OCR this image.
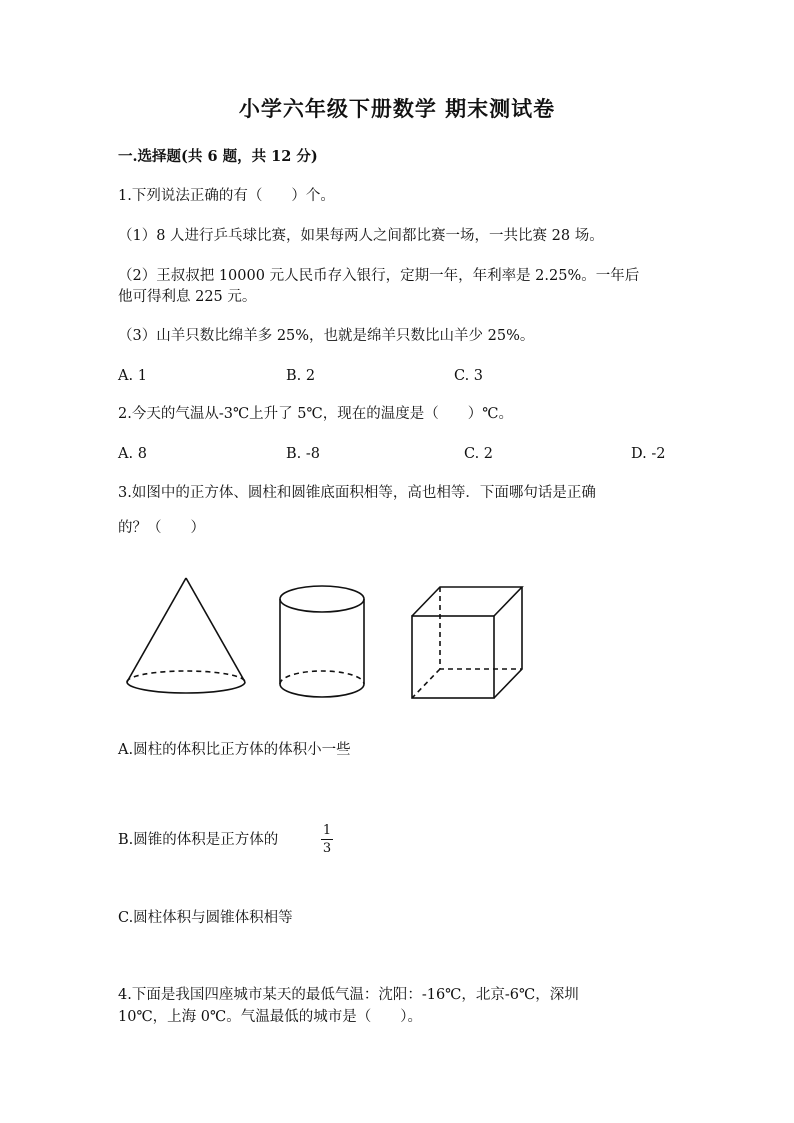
小学六年级下册数学 期末测试卷
一.选择题(共 6 题，共 12 分)
1.下列说法正确的有（　　）个。
（1）8 人进行乒乓球比赛，如果每两人之间都比赛一场，一共比赛 28 场。
（2）王叔叔把 10000 元人民币存入银行，定期一年，年利率是 2.25%。一年后
他可得利息 225 元。
（3）山羊只数比绵羊多 25%，也就是绵羊只数比山羊少 25%。
A. 1	B. 2	C. 3
2.今天的气温从-3℃上升了 5℃，现在的温度是（　　）℃。
A. 8	B. -8	C. 2	D. -2
3.如图中的正方体、圆柱和圆锥底面积相等，高也相等．下面哪句话是正确
的？（　　）
A.圆柱的体积比正方体的体积小一些
B.圆锥的体积是正方体的
1
3
C.圆柱体积与圆锥体积相等
4.下面是我国四座城市某天的最低气温：沈阳：-16℃，北京-6℃，深圳
10℃，上海 0℃。气温最低的城市是（　　）。
